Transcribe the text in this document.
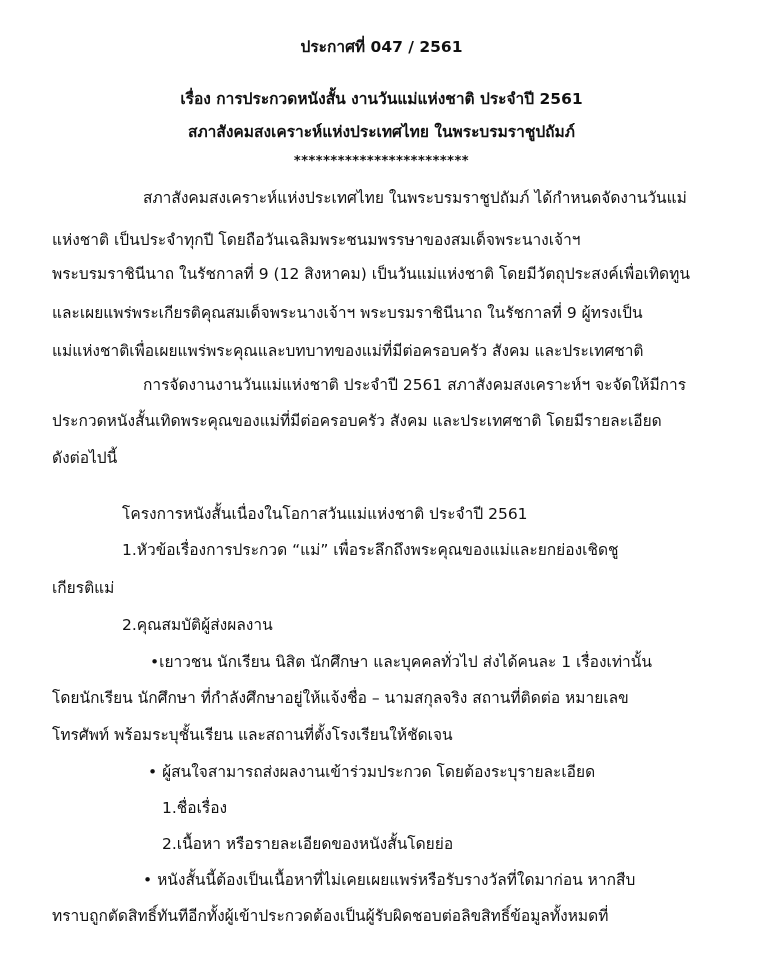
ประกาศที่ 047 / 2561
เรื่อง การประกวดหนังสั้น งานวันแม่แห่งชาติ ประจำปี 2561
สภาสังคมสงเคราะห์แห่งประเทศไทย ในพระบรมราชูปถัมภ์
************************
สภาสังคมสงเคราะห์แห่งประเทศไทย ในพระบรมราชูปถัมภ์ ได้กำหนดจัดงานวันแม่
แห่งชาติ เป็นประจำทุกปี โดยถือวันเฉลิมพระชนมพรรษาของสมเด็จพระนางเจ้าฯ
พระบรมราชินีนาถ ในรัชกาลที่ 9 (12 สิงหาคม) เป็นวันแม่แห่งชาติ โดยมีวัตถุประสงค์เพื่อเทิดทูน
และเผยแพร่พระเกียรติคุณสมเด็จพระนางเจ้าฯ พระบรมราชินีนาถ ในรัชกาลที่ 9 ผู้ทรงเป็น
แม่แห่งชาติเพื่อเผยแพร่พระคุณและบทบาทของแม่ที่มีต่อครอบครัว สังคม และประเทศชาติ
การจัดงานงานวันแม่แห่งชาติ ประจำปี 2561 สภาสังคมสงเคราะห์ฯ จะจัดให้มีการ
ประกวดหนังสั้นเทิดพระคุณของแม่ที่มีต่อครอบครัว สังคม และประเทศชาติ โดยมีรายละเอียด
ดังต่อไปนี้
โครงการหนังสั้นเนื่องในโอกาสวันแม่แห่งชาติ ประจำปี 2561
1.หัวข้อเรื่องการประกวด “แม่” เพื่อระลึกถึงพระคุณของแม่และยกย่องเชิดชู
เกียรติแม่
2.คุณสมบัติผู้ส่งผลงาน
•เยาวชน นักเรียน นิสิต นักศึกษา และบุคคลทั่วไป ส่งได้คนละ 1 เรื่องเท่านั้น
โดยนักเรียน นักศึกษา ที่กำลังศึกษาอยู่ให้แจ้งชื่อ – นามสกุลจริง สถานที่ติดต่อ หมายเลข
โทรศัพท์ พร้อมระบุชั้นเรียน และสถานที่ตั้งโรงเรียนให้ชัดเจน
• ผู้สนใจสามารถส่งผลงานเข้าร่วมประกวด โดยต้องระบุรายละเอียด
1.ชื่อเรื่อง
2.เนื้อหา หรือรายละเอียดของหนังสั้นโดยย่อ
• หนังสั้นนี้ต้องเป็นเนื้อหาที่ไม่เคยเผยแพร่หรือรับรางวัลที่ใดมาก่อน หากสืบ
ทราบถูกตัดสิทธิ์ทันทีอีกทั้งผู้เข้าประกวดต้องเป็นผู้รับผิดชอบต่อลิขสิทธิ์ข้อมูลทั้งหมดที่
